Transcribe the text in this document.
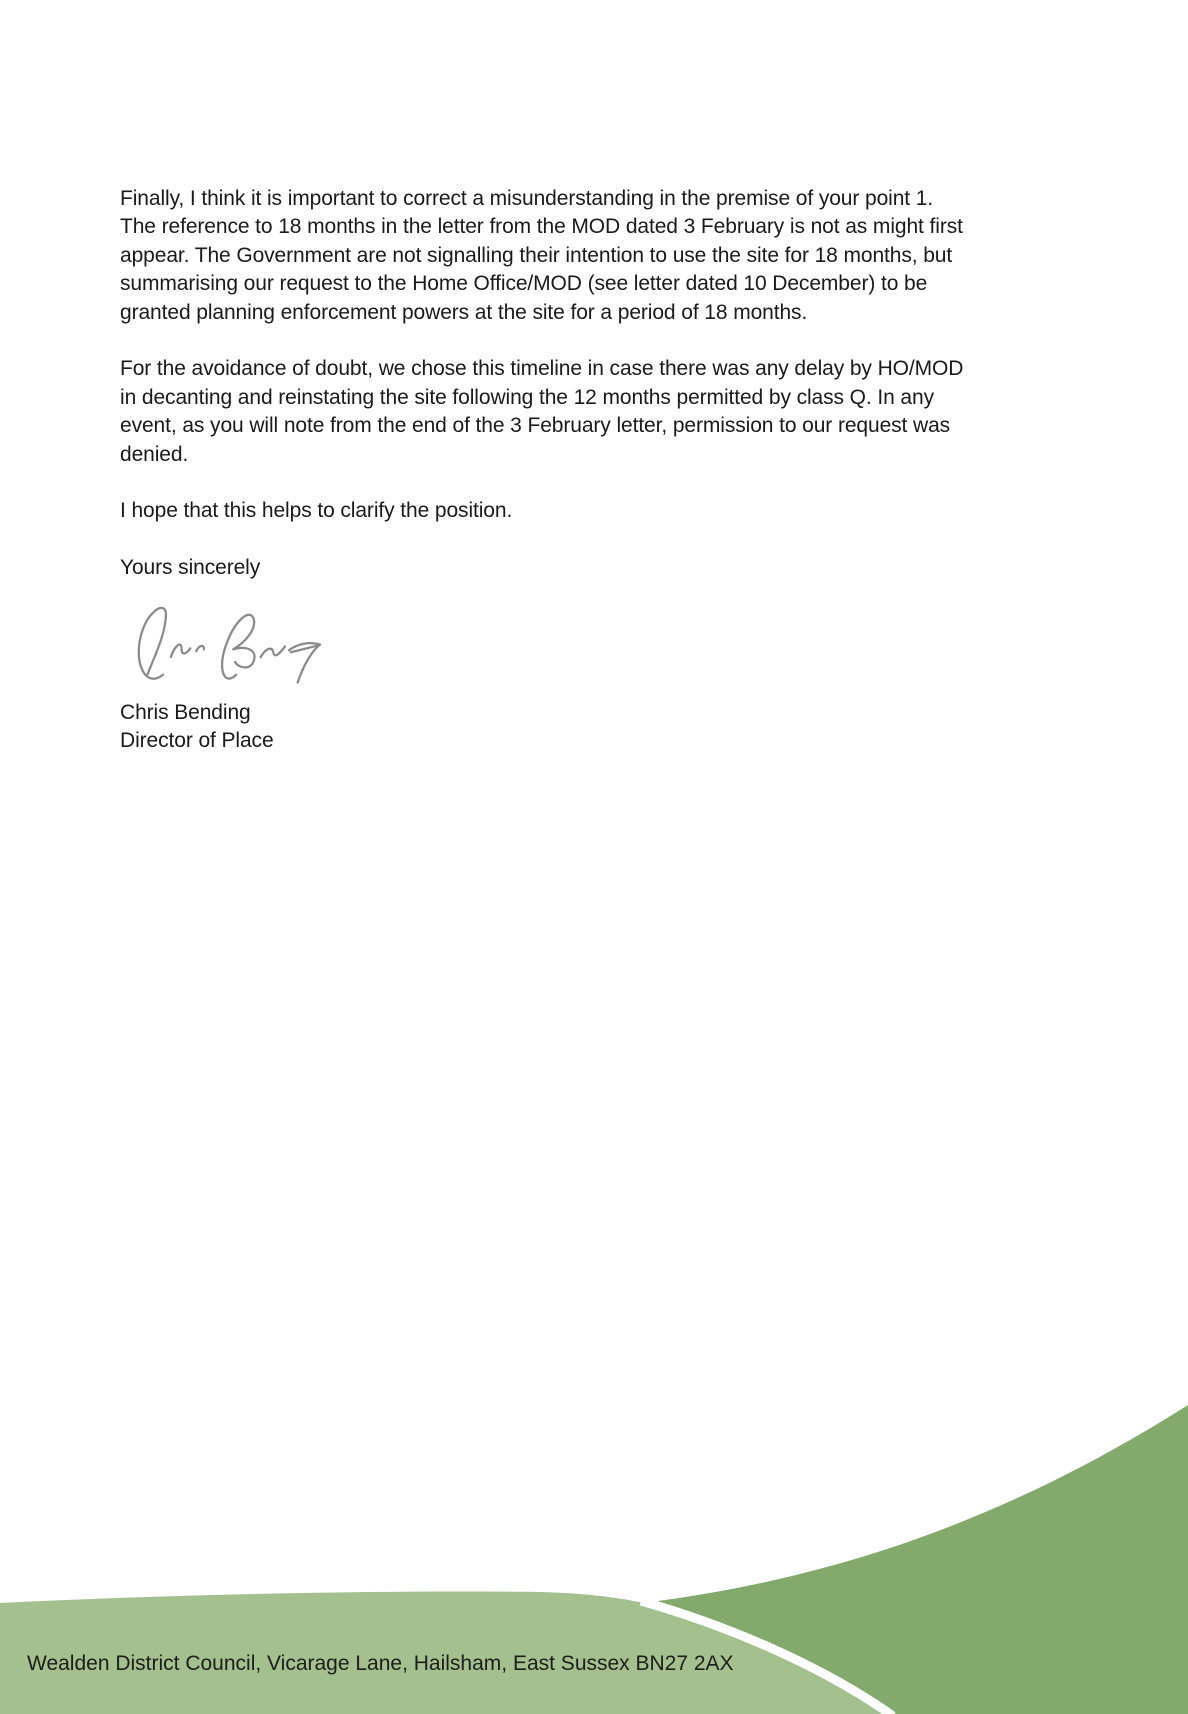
Finally, I think it is important to correct a misunderstanding in the premise of your point 1.
The reference to 18 months in the letter from the MOD dated 3 February is not as might first
appear. The Government are not signalling their intention to use the site for 18 months, but
summarising our request to the Home Office/MOD (see letter dated 10 December) to be
granted planning enforcement powers at the site for a period of 18 months.
For the avoidance of doubt, we chose this timeline in case there was any delay by HO/MOD
in decanting and reinstating the site following the 12 months permitted by class Q. In any
event, as you will note from the end of the 3 February letter, permission to our request was
denied.
I hope that this helps to clarify the position.
Yours sincerely
Chris Bending
Director of Place
Wealden District Council, Vicarage Lane, Hailsham, East Sussex BN27 2AX
